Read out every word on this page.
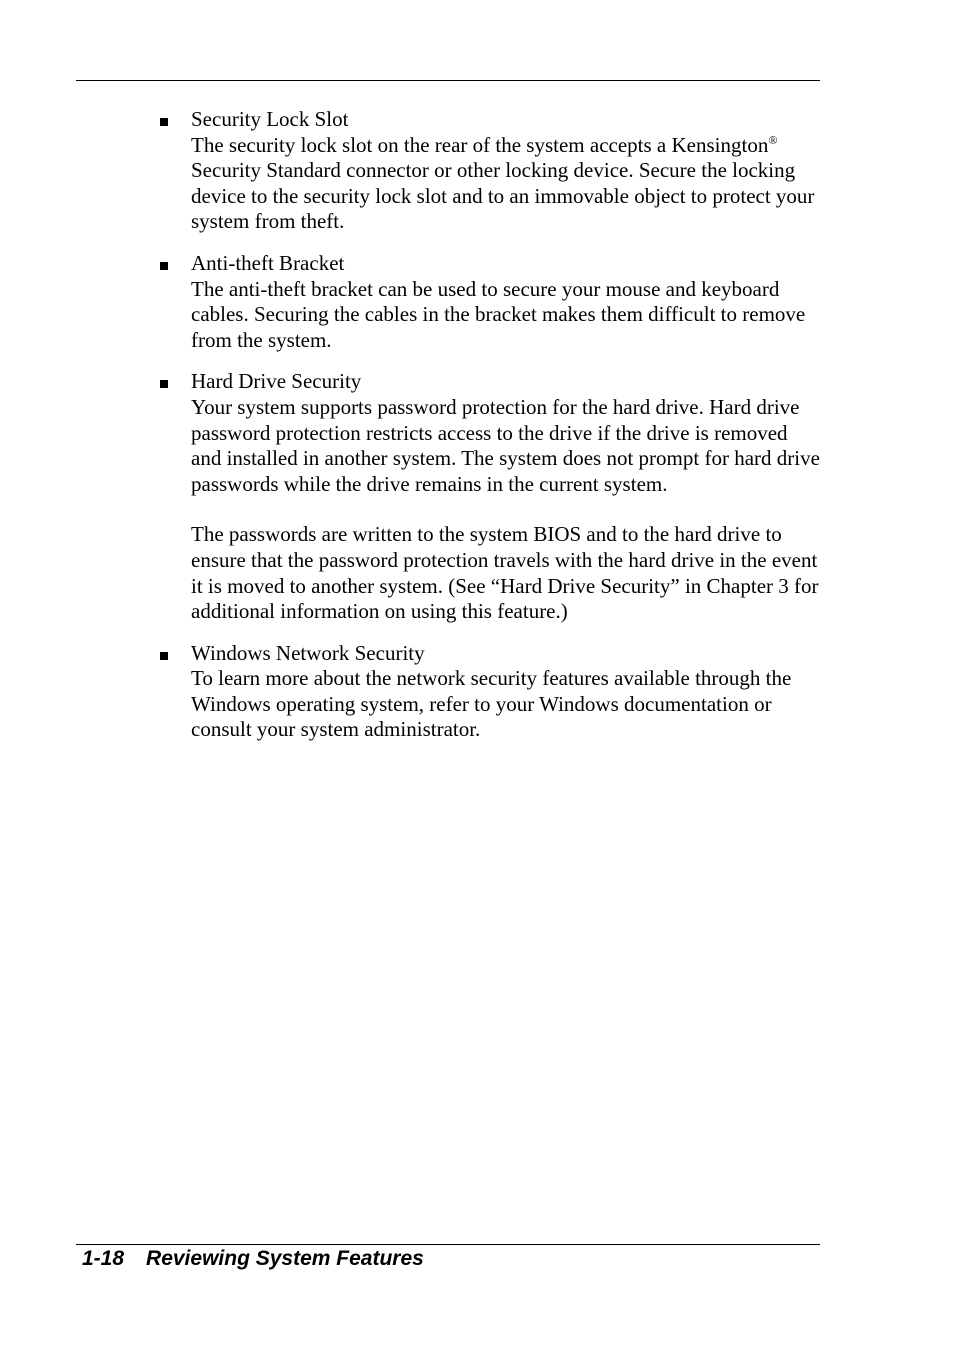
Security Lock Slot

The security lock slot on the rear of the system accepts a Kensington® Security Standard connector or other locking device. Secure the locking device to the security lock slot and to an immovable object to protect your system from theft.

Anti-theft Bracket

The anti-theft bracket can be used to secure your mouse and keyboard cables. Securing the cables in the bracket makes them difficult to remove from the system.

Hard Drive Security

Your system supports password protection for the hard drive. Hard drive password protection restricts access to the drive if the drive is removed and installed in another system. The system does not prompt for hard drive passwords while the drive remains in the current system.

The passwords are written to the system BIOS and to the hard drive to ensure that the password protection travels with the hard drive in the event it is moved to another system. (See “Hard Drive Security” in Chapter 3 for additional information on using this feature.)

Windows Network Security

To learn more about the network security features available through the Windows operating system, refer to your Windows documentation or consult your system administrator.

1-18 Reviewing System Features
